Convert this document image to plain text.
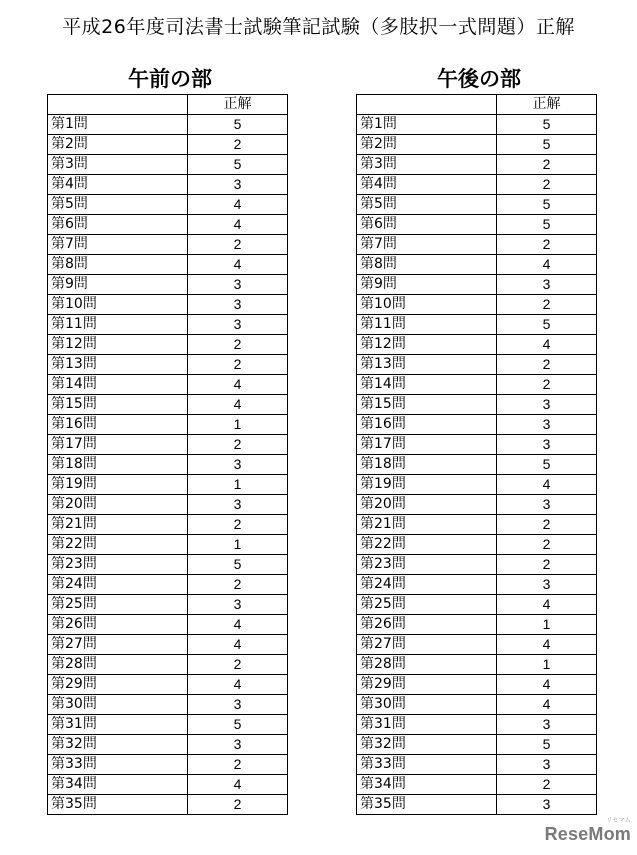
平成26年度司法書士試験筆記試験（多肢択一式問題）正解
午前の部
	正解
第1問	5
第2問	2
第3問	5
第4問	3
第5問	4
第6問	4
第7問	2
第8問	4
第9問	3
第10問	3
第11問	3
第12問	2
第13問	2
第14問	4
第15問	4
第16問	1
第17問	2
第18問	3
第19問	1
第20問	3
第21問	2
第22問	1
第23問	5
第24問	2
第25問	3
第26問	4
第27問	4
第28問	2
第29問	4
第30問	3
第31問	5
第32問	3
第33問	2
第34問	4
第35問	2
午後の部
	正解
第1問	5
第2問	5
第3問	2
第4問	2
第5問	5
第6問	5
第7問	2
第8問	4
第9問	3
第10問	2
第11問	5
第12問	4
第13問	2
第14問	2
第15問	3
第16問	3
第17問	3
第18問	5
第19問	4
第20問	3
第21問	2
第22問	2
第23問	2
第24問	3
第25問	4
第26問	1
第27問	4
第28問	1
第29問	4
第30問	4
第31問	3
第32問	5
第33問	3
第34問	2
第35問	3
リセマム
ReseMom
